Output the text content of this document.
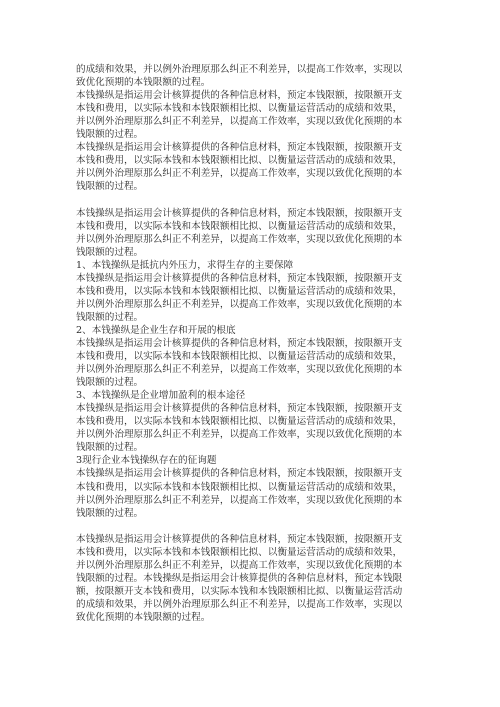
的成绩和效果，并以例外治理原那么纠正不利差异，以提高工作效率，实现以
致优化预期的本钱限额的过程。
本钱操纵是指运用会计核算提供的各种信息材料，预定本钱限额，按限额开支
本钱和费用，以实际本钱和本钱限额相比拟、以衡量运营活动的成绩和效果，
并以例外治理原那么纠正不利差异，以提高工作效率，实现以致优化预期的本
钱限额的过程。
本钱操纵是指运用会计核算提供的各种信息材料，预定本钱限额，按限额开支
本钱和费用，以实际本钱和本钱限额相比拟、以衡量运营活动的成绩和效果，
并以例外治理原那么纠正不利差异，以提高工作效率，实现以致优化预期的本
钱限额的过程。
本钱操纵是指运用会计核算提供的各种信息材料，预定本钱限额，按限额开支
本钱和费用，以实际本钱和本钱限额相比拟、以衡量运营活动的成绩和效果，
并以例外治理原那么纠正不利差异，以提高工作效率，实现以致优化预期的本
钱限额的过程。
1、本钱操纵是抵抗内外压力，求得生存的主要保障
本钱操纵是指运用会计核算提供的各种信息材料，预定本钱限额，按限额开支
本钱和费用，以实际本钱和本钱限额相比拟、以衡量运营活动的成绩和效果，
并以例外治理原那么纠正不利差异，以提高工作效率，实现以致优化预期的本
钱限额的过程。
2、本钱操纵是企业生存和开展的根底
本钱操纵是指运用会计核算提供的各种信息材料，预定本钱限额，按限额开支
本钱和费用，以实际本钱和本钱限额相比拟、以衡量运营活动的成绩和效果，
并以例外治理原那么纠正不利差异，以提高工作效率，实现以致优化预期的本
钱限额的过程。
3、本钱操纵是企业增加盈利的根本途径
本钱操纵是指运用会计核算提供的各种信息材料，预定本钱限额，按限额开支
本钱和费用，以实际本钱和本钱限额相比拟、以衡量运营活动的成绩和效果，
并以例外治理原那么纠正不利差异，以提高工作效率，实现以致优化预期的本
钱限额的过程。
3现行企业本钱操纵存在的征询题
本钱操纵是指运用会计核算提供的各种信息材料，预定本钱限额，按限额开支
本钱和费用，以实际本钱和本钱限额相比拟、以衡量运营活动的成绩和效果，
并以例外治理原那么纠正不利差异，以提高工作效率，实现以致优化预期的本
钱限额的过程。
本钱操纵是指运用会计核算提供的各种信息材料，预定本钱限额，按限额开支
本钱和费用，以实际本钱和本钱限额相比拟、以衡量运营活动的成绩和效果，
并以例外治理原那么纠正不利差异，以提高工作效率，实现以致优化预期的本
钱限额的过程。本钱操纵是指运用会计核算提供的各种信息材料，预定本钱限
额，按限额开支本钱和费用，以实际本钱和本钱限额相比拟、以衡量运营活动
的成绩和效果，并以例外治理原那么纠正不利差异，以提高工作效率，实现以
致优化预期的本钱限额的过程。
